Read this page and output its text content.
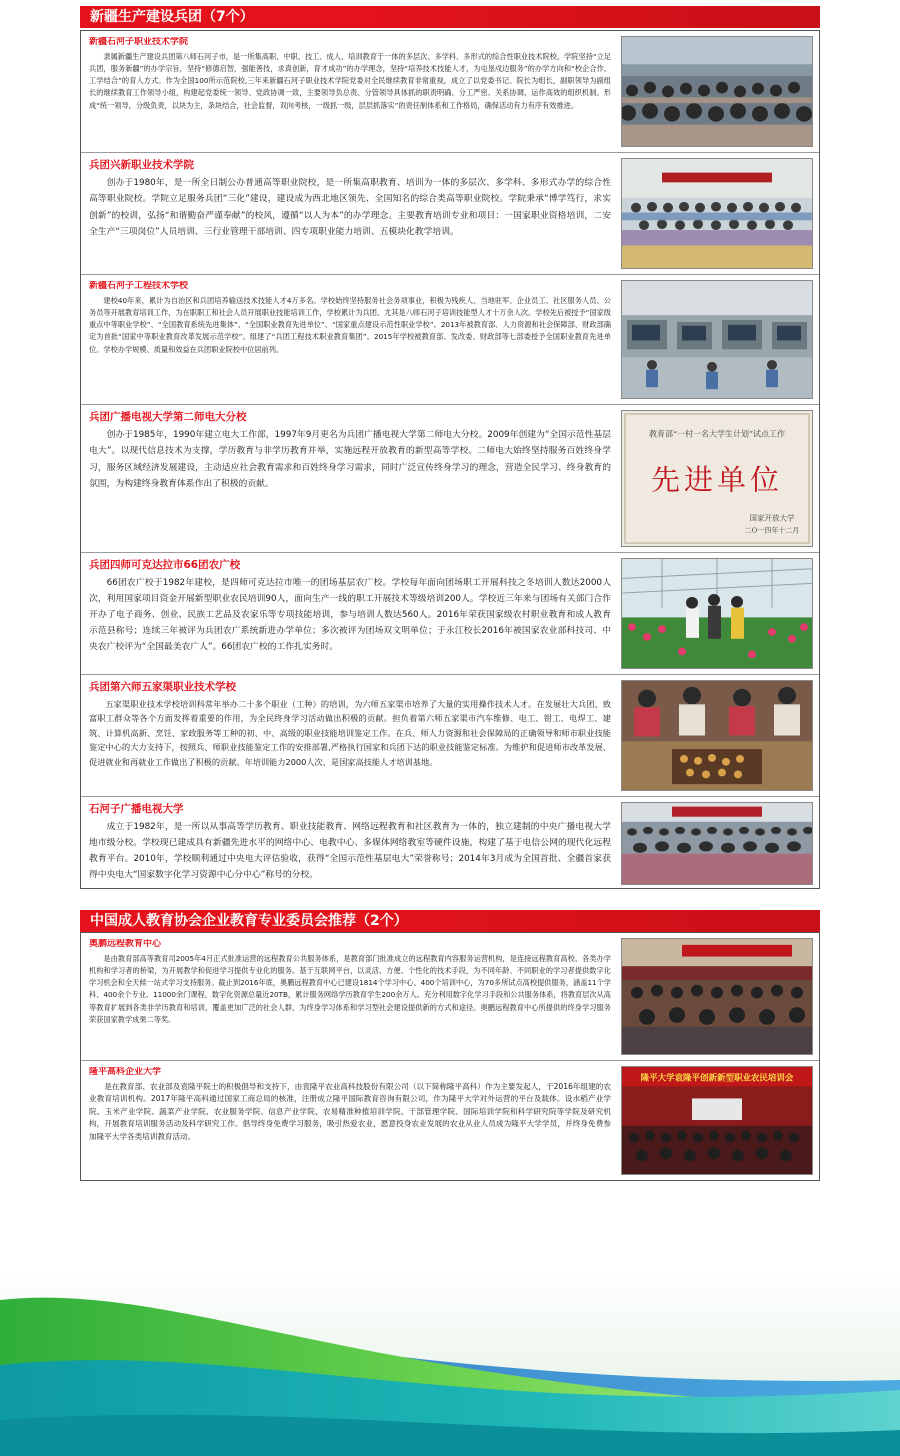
新疆生产建设兵团（7个）
新疆石河子职业技术学院

隶属新疆生产建设兵团第八师石河子市，是一所集高职、中职、技工、成人、培训教育于一体的多层次、多学科、多形式的综合性职业技术院校。学院坚持“立足兵团，服务新疆”的办学宗旨，坚持“修德启智，强能善技，求真创新，育才成功”的办学理念，坚持“培养技术技能人才，为屯垦戍边服务”的办学方向和“校企合作、工学结合”的育人方式。作为全国100所示范院校,三年来新疆石河子职业技术学院党委对全民继续教育非常重视，成立了以党委书记、院长为组长，副职领导为副组长的继续教育工作领导小组，构建起党委统一领导、党政协调一致，主要领导负总责、分管领导具体抓的职责明确、分工严密、关系协调、运作高效的组织机制。形成“统一领导，分级负责，以块为主，条块结合，社会监督，双向考核，一级抓一级，层层抓落实”的责任制体系和工作格局，确保活动有力有序有效推进。

兵团兴新职业技术学院

创办于1980年，是一所全日制公办普通高等职业院校，是一所集高职教育、培训为一体的多层次、多学科、多形式办学的综合性高等职业院校。学院立足服务兵团“三化”建设，建设成为西北地区领先、全国知名的综合类高等职业院校。学院秉承“博学笃行，求实创新”的校训，弘扬“和谐勤奋严谨奉献”的校风，遵循“以人为本”的办学理念。主要教育培训专业和项目：一国家职业资格培训，二安全生产“三项岗位”人员培训、三行业管理干部培训、四专项职业能力培训、五模块化教学培训。

新疆石河子工程技术学校

建校40年来，累计为自治区和兵团培养输送技术技能人才4万多名。学校始终坚持服务社会务项事业，积极为残疾人、当地驻军、企业员工、社区服务人员、公务员等开展教育培训工作，为在职职工和社会人员开展职业技能培训工作，学校累计为兵团、尤其是八师石河子培训技能型人才十万余人次。学校先后被授予“国家级重点中等职业学校”、“全国教育系统先进集体”、“全国职业教育先进单位”、“国家重点建设示范性职业学校”。2013年被教育部、人力资源和社会保障部、财政部确定为首批“国家中等职业教育改革发展示范学校”。组建了“兵团工程技术职业教育集团”。2015年学校被教育部、发改委、财政部等七部委授予全国职业教育先进单位。学校办学规模、质量和效益在兵团职业院校中位居前列。

兵团广播电视大学第二师电大分校

创办于1985年，1990年建立电大工作部，1997年9月更名为兵团广播电视大学第二师电大分校。2009年创建为“全国示范性基层电大”。以现代信息技术为支撑，学历教育与非学历教育并举，实施远程开放教育的新型高等学校。二师电大始终坚持服务百姓终身学习，服务区域经济发展建设，主动适应社会教育需求和百姓终身学习需求，同时广泛宣传终身学习的理念，营造全民学习、终身教育的氛围，为构建终身教育体系作出了积极的贡献。

教育部“一村一名大学生计划”试点工作
先进单位
国家开放大学
二O一四年十二月
兵团四师可克达拉市66团农广校

66团农广校于1982年建校，是四师可克达拉市唯一的团场基层农广校。学校每年面向团场职工开展科技之冬培训人数达2000人次，利用国家项目资金开展新型职业农民培训90人，面向生产一线的职工开展技术等级培训200人。学校近三年来与团场有关部门合作开办了电子商务、创业、民族工艺品及农家乐等专项技能培训，参与培训人数达560人。2016年荣获国家级农村职业教育和成人教育示范县称号；连续三年被评为兵团农广系统新进办学单位；多次被评为团场双文明单位；于永江校长2016年被国家农业部科技司、中央农广校评为“全国最美农广人”。66团农广校的工作扎实务时。

兵团第六师五家渠职业技术学校

五家渠职业技术学校培训科常年举办二十多个职业（工种）的培训，为六师五家渠市培养了大量的实用操作技术人才。在发展壮大兵团、致富职工群众等各个方面发挥着重要的作用，为全民终身学习活动做出积极的贡献。担负着第六师五家渠市汽车维修、电工、钳工、电焊工、建筑、计算机高新、烹饪、家政服务等工种的初、中、高级的职业技能培训鉴定工作。在兵、师人力资源和社会保障局的正确领导和师市职业技能鉴定中心的大力支持下，按照兵、师职业技能鉴定工作的安排部署,严格执行国家和兵团下达的职业技能鉴定标准。为维护和促进师市改革发展、促进就业和再就业工作做出了积极的贡献。年培训能力2000人次、是国家高技能人才培训基地。

石河子广播电视大学

成立于1982年，是一所以从事高等学历教育、职业技能教育、网络远程教育和社区教育为一体的，独立建制的中央广播电视大学地市级分校。学校现已建成具有新疆先进水平的网络中心、电教中心、多媒体网络教室等硬件设施，构建了基于电信公网的现代化远程教育平台。2010年，学校顺利通过中央电大评估验收，获得“全国示范性基层电大”荣誉称号；2014年3月成为全国首批、全疆首家获得中央电大“国家数字化学习资源中心分中心”称号的分校。

中国成人教育协会企业教育专业委员会推荐（2个）
奥鹏远程教育中心

是由教育部高等教育司2005年4月正式批准运营的远程教育公共服务体系，是教育部门批准成立的远程教育内容服务运营机构，是连接远程教育高校、各类办学机构和学习者的桥梁，为开展教学和促进学习提供专业化的服务。基于互联网平台，以灵活、方便、个性化的技术手段，为不同年龄、不同职业的学习者提供数字化学习机会和全天候一站式学习支持服务。截止到2016年底，奥鹏远程教育中心已建设1814个学习中心、400个培训中心，为70多所试点高校提供服务，涵盖11个学科、400余个专业、11000余门课程，数字化资源总量近20TB，累计服务网络学历教育学生200余万人。充分利用数字化学习手段和公共服务体系，将教育层次从高等教育扩展到各类非学历教育和培训，覆盖更加广泛的社会人群，为终身学习体系和学习型社会建设提供新的方式和途径。奥鹏远程教育中心所提供的终身学习服务荣获国家教学成果二等奖。

隆平高科企业大学

是在教育部、农业部及袁隆平院士的积极倡导和支持下，由袁隆平农业高科技股份有限公司（以下简称隆平高科）作为主要发起人，于2016年组建的农业教育培训机构。2017年隆平高科通过国家工商总局的核准，注册成立隆平国际教育咨询有限公司，作为隆平大学对外运营的平台及载体。设水稻产业学院、玉米产业学院、蔬菜产业学院、农业服务学院、信息产业学院、农易精准种植培训学院、干部管理学院、国际培训学院和科学研究院等学院及研究机构，开展教育培训服务活动及科学研究工作。倡导终身免费学习服务，吸引热爱农业，愿意投身农业发展的农业从业人员成为隆平大学学员，并终身免费参加隆平大学各类培训教育活动。

隆平大学袁隆平创新新型职业农民培训会
